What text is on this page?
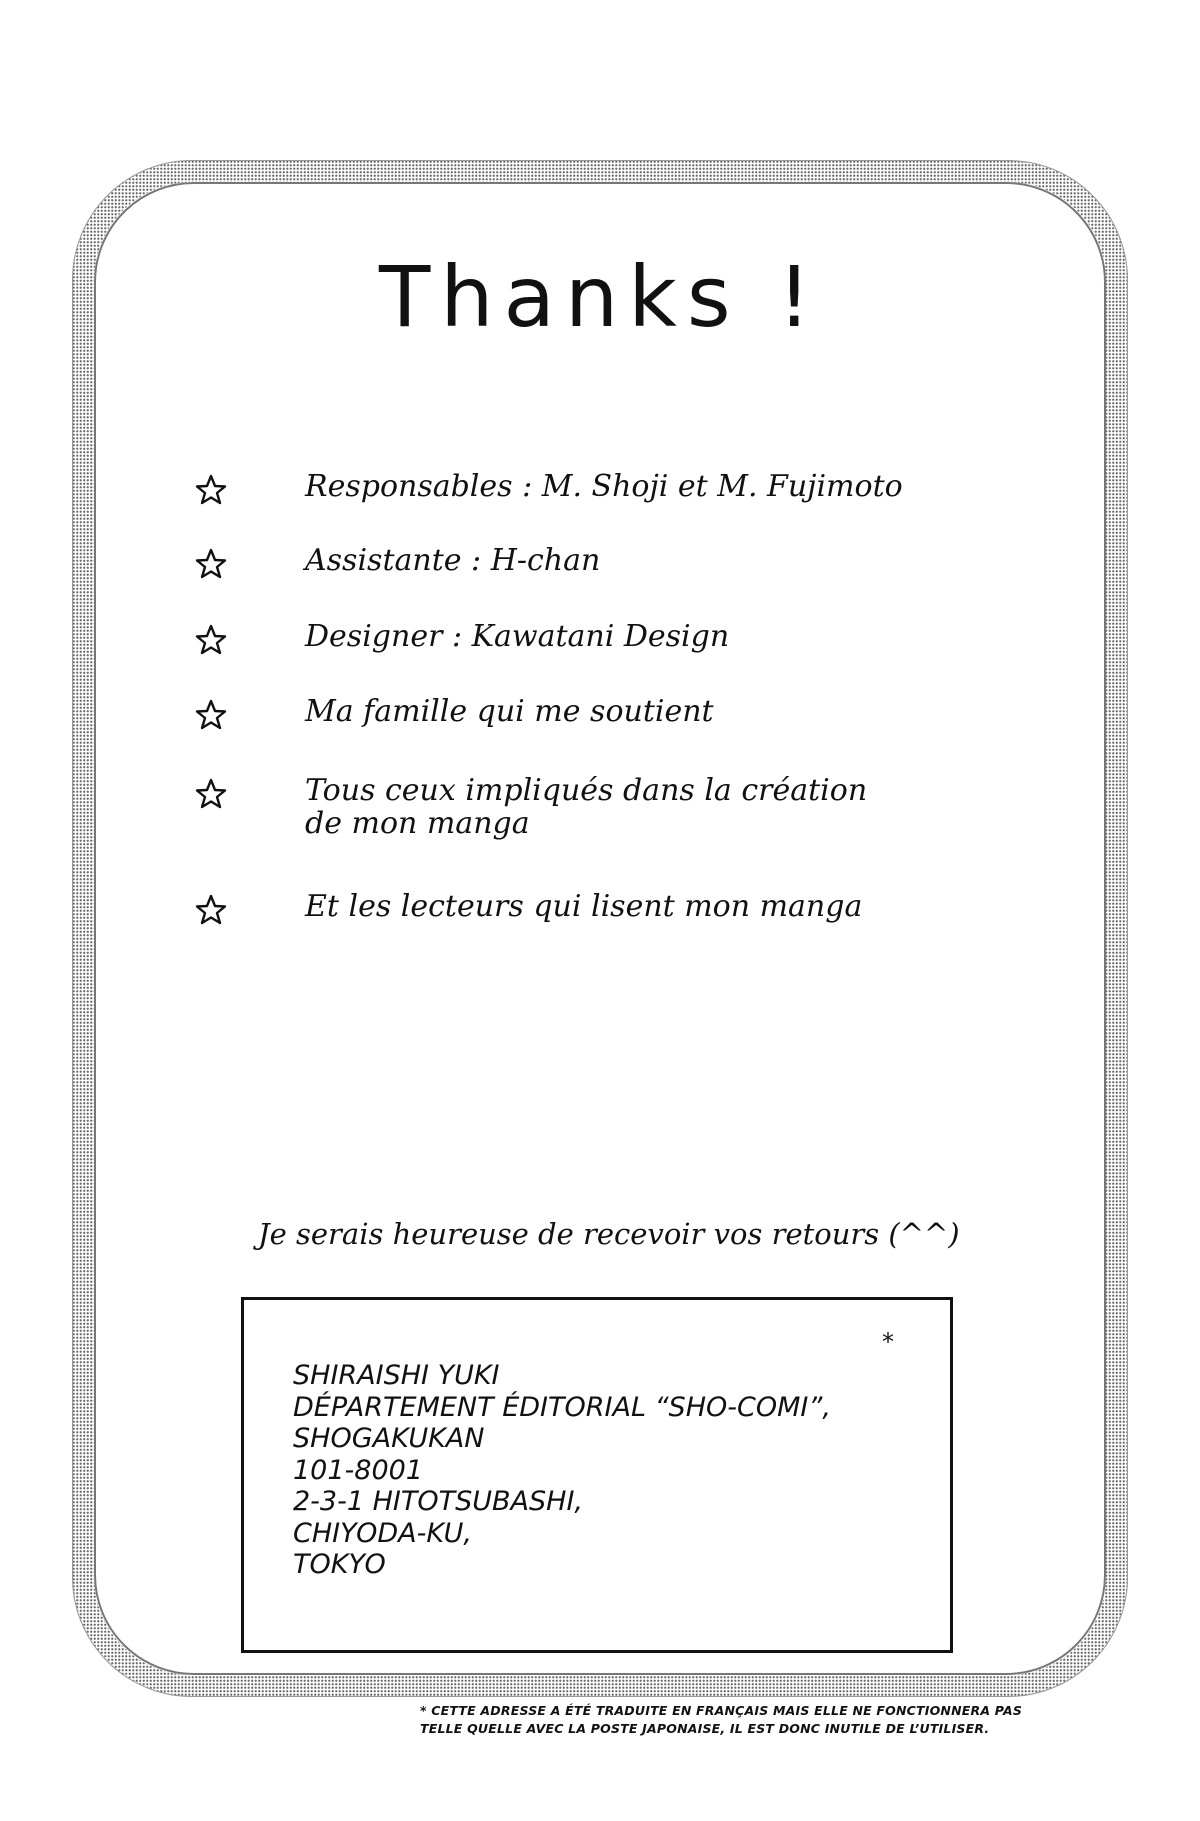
Thanks !
Responsables : M. Shoji et M. Fujimoto
Assistante : H-chan
Designer : Kawatani Design
Ma famille qui me soutient
Tous ceux impliqués dans la création de mon manga
Et les lecteurs qui lisent mon manga
Je serais heureuse de recevoir vos retours (^^)
*
SHIRAISHI YUKI
DÉPARTEMENT ÉDITORIAL “SHO-COMI”,
SHOGAKUKAN
101-8001
2-3-1 HITOTSUBASHI,
CHIYODA-KU,
TOKYO
* CETTE ADRESSE A ÉTÉ TRADUITE EN FRANÇAIS MAIS ELLE NE FONCTIONNERA PAS
TELLE QUELLE AVEC LA POSTE JAPONAISE, IL EST DONC INUTILE DE L’UTILISER.
